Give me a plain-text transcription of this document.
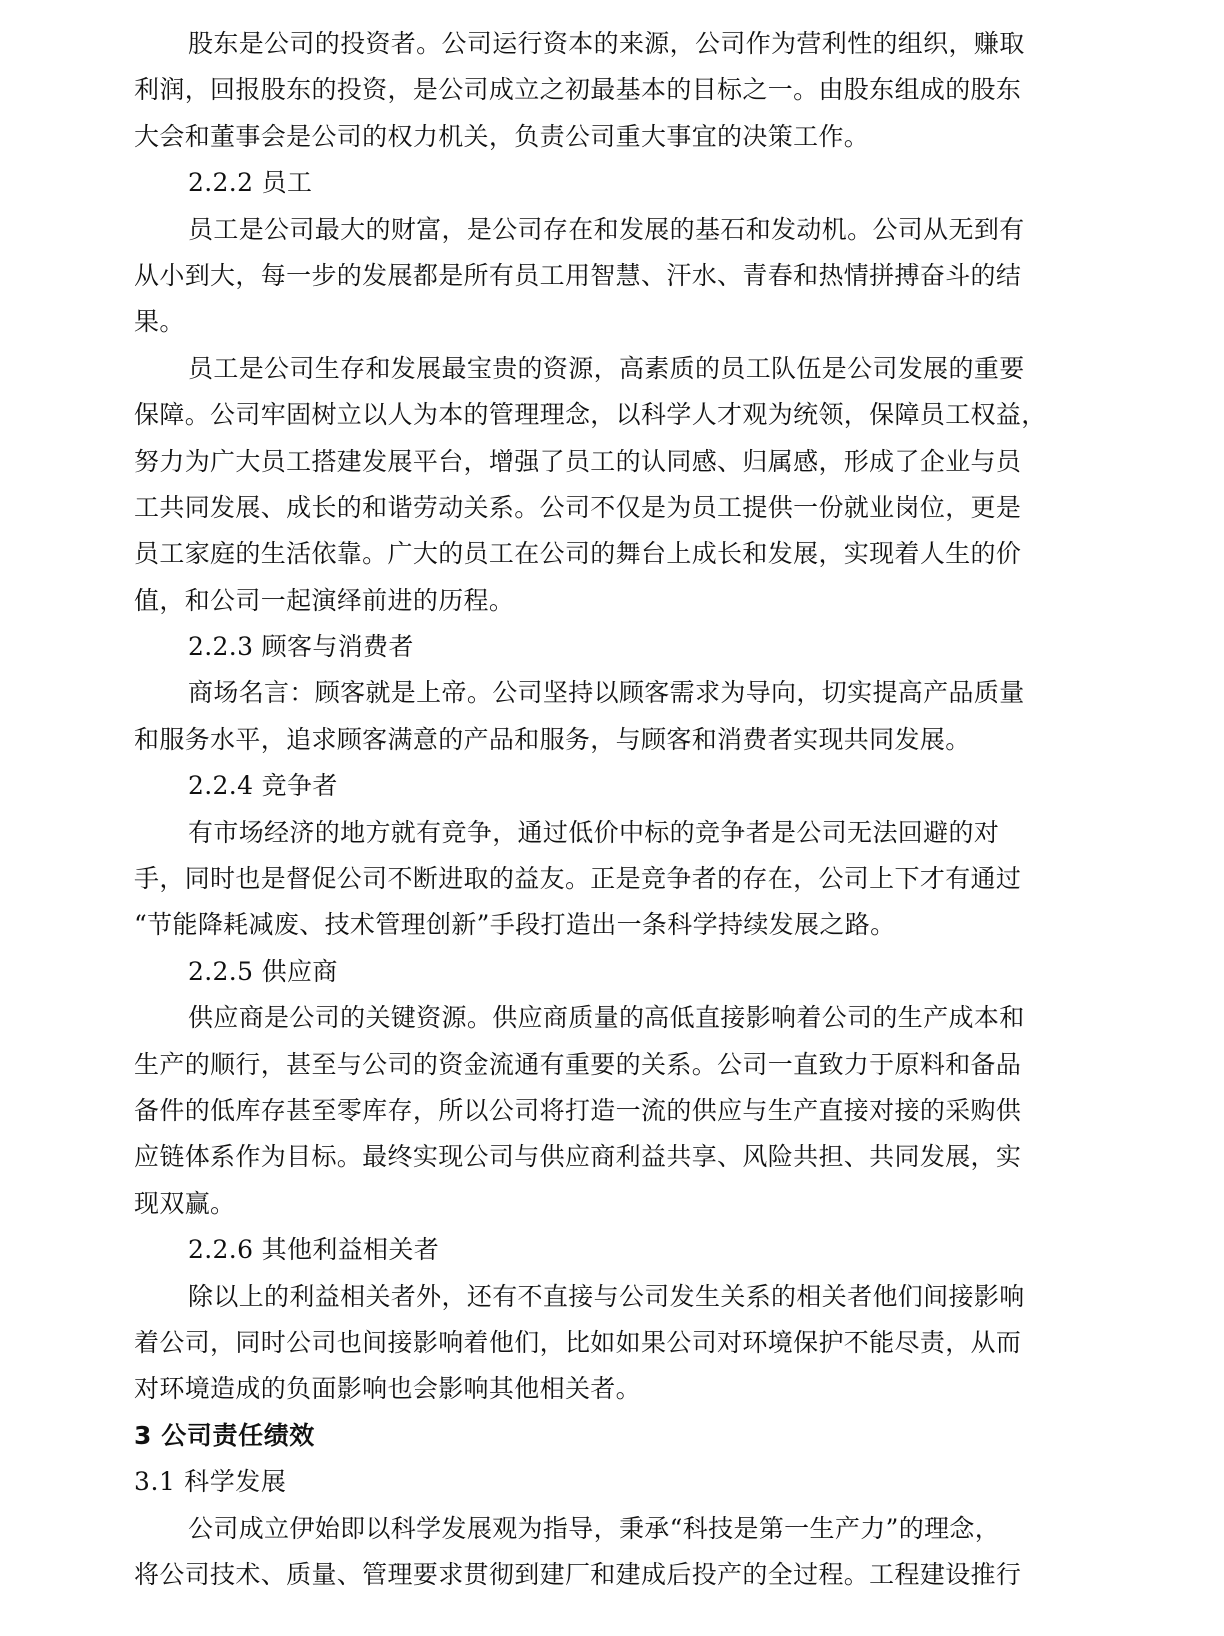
股东是公司的投资者。公司运行资本的来源，公司作为营利性的组织，赚取
利润，回报股东的投资，是公司成立之初最基本的目标之一。由股东组成的股东
大会和董事会是公司的权力机关，负责公司重大事宜的决策工作。
2.2.2 员工
员工是公司最大的财富，是公司存在和发展的基石和发动机。公司从无到有
从小到大，每一步的发展都是所有员工用智慧、汗水、青春和热情拼搏奋斗的结
果。
员工是公司生存和发展最宝贵的资源，高素质的员工队伍是公司发展的重要
保障。公司牢固树立以人为本的管理理念，以科学人才观为统领，保障员工权益，
努力为广大员工搭建发展平台，增强了员工的认同感、归属感，形成了企业与员
工共同发展、成长的和谐劳动关系。公司不仅是为员工提供一份就业岗位，更是
员工家庭的生活依靠。广大的员工在公司的舞台上成长和发展，实现着人生的价
值，和公司一起演绎前进的历程。
2.2.3 顾客与消费者
商场名言：顾客就是上帝。公司坚持以顾客需求为导向，切实提高产品质量
和服务水平，追求顾客满意的产品和服务，与顾客和消费者实现共同发展。
2.2.4 竞争者
有市场经济的地方就有竞争，通过低价中标的竞争者是公司无法回避的对
手，同时也是督促公司不断进取的益友。正是竞争者的存在，公司上下才有通过
“节能降耗减废、技术管理创新”手段打造出一条科学持续发展之路。
2.2.5 供应商
供应商是公司的关键资源。供应商质量的高低直接影响着公司的生产成本和
生产的顺行，甚至与公司的资金流通有重要的关系。公司一直致力于原料和备品
备件的低库存甚至零库存，所以公司将打造一流的供应与生产直接对接的采购供
应链体系作为目标。最终实现公司与供应商利益共享、风险共担、共同发展，实
现双赢。
2.2.6 其他利益相关者
除以上的利益相关者外，还有不直接与公司发生关系的相关者他们间接影响
着公司，同时公司也间接影响着他们，比如如果公司对环境保护不能尽责，从而
对环境造成的负面影响也会影响其他相关者。
3 公司责任绩效
3.1 科学发展
公司成立伊始即以科学发展观为指导，秉承“科技是第一生产力”的理念，
将公司技术、质量、管理要求贯彻到建厂和建成后投产的全过程。工程建设推行
